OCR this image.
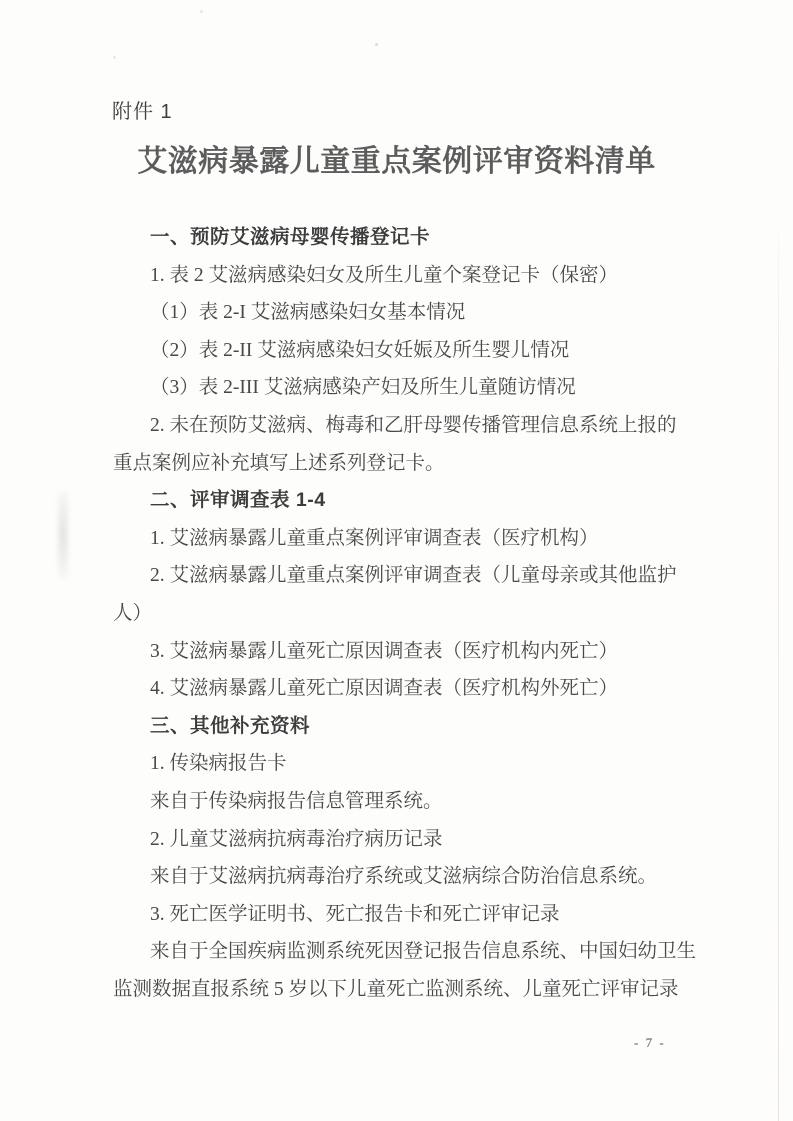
附件 1
艾滋病暴露儿童重点案例评审资料清单
一、预防艾滋病母婴传播登记卡
1. 表 2 艾滋病感染妇女及所生儿童个案登记卡（保密）
（1）表 2-I 艾滋病感染妇女基本情况
（2）表 2-II 艾滋病感染妇女妊娠及所生婴儿情况
（3）表 2-III 艾滋病感染产妇及所生儿童随访情况
2. 未在预防艾滋病、梅毒和乙肝母婴传播管理信息系统上报的
重点案例应补充填写上述系列登记卡。
二、评审调查表 1-4
1. 艾滋病暴露儿童重点案例评审调查表（医疗机构）
2. 艾滋病暴露儿童重点案例评审调查表（儿童母亲或其他监护
人）
3. 艾滋病暴露儿童死亡原因调查表（医疗机构内死亡）
4. 艾滋病暴露儿童死亡原因调查表（医疗机构外死亡）
三、其他补充资料
1. 传染病报告卡
来自于传染病报告信息管理系统。
2. 儿童艾滋病抗病毒治疗病历记录
来自于艾滋病抗病毒治疗系统或艾滋病综合防治信息系统。
3. 死亡医学证明书、死亡报告卡和死亡评审记录
来自于全国疾病监测系统死因登记报告信息系统、中国妇幼卫生
监测数据直报系统 5 岁以下儿童死亡监测系统、儿童死亡评审记录
- 7 -
